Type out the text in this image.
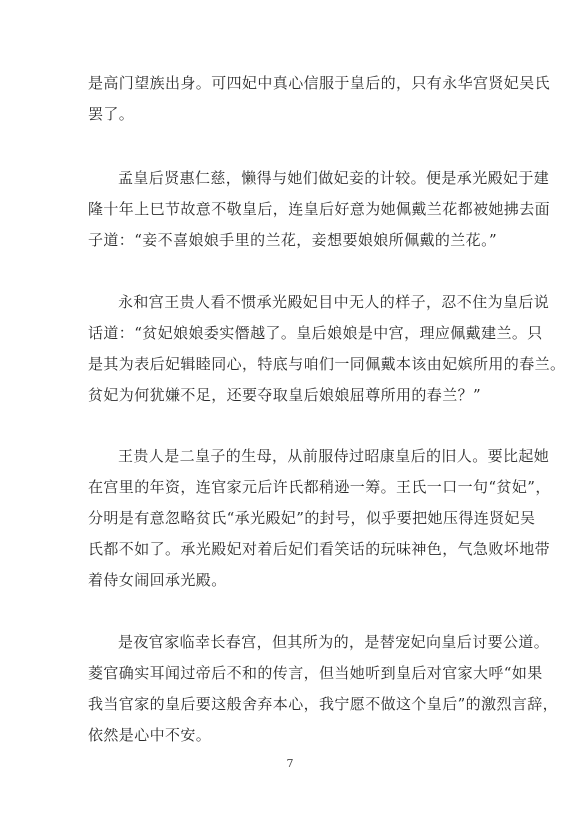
是高门望族出身。可四妃中真心信服于皇后的，只有永华宫贤妃吴氏
罢了。
孟皇后贤惠仁慈，懒得与她们做妃妾的计较。便是承光殿妃于建
隆十年上巳节故意不敬皇后，连皇后好意为她佩戴兰花都被她拂去面
子道：“妾不喜娘娘手里的兰花，妾想要娘娘所佩戴的兰花。”
永和宫王贵人看不惯承光殿妃目中无人的样子，忍不住为皇后说
话道：“贫妃娘娘委实僭越了。皇后娘娘是中宫，理应佩戴建兰。只
是其为表后妃辑睦同心，特底与咱们一同佩戴本该由妃嫔所用的春兰。
贫妃为何犹嫌不足，还要夺取皇后娘娘屈尊所用的春兰？”
王贵人是二皇子的生母，从前服侍过昭康皇后的旧人。要比起她
在宫里的年资，连官家元后许氏都稍逊一筹。王氏一口一句“贫妃”，
分明是有意忽略贫氏“承光殿妃”的封号，似乎要把她压得连贤妃吴
氏都不如了。承光殿妃对着后妃们看笑话的玩味神色，气急败坏地带
着侍女闹回承光殿。
是夜官家临幸长春宫，但其所为的，是替宠妃向皇后讨要公道。
菱官确实耳闻过帝后不和的传言，但当她听到皇后对官家大呼“如果
我当官家的皇后要这般舍弃本心，我宁愿不做这个皇后”的激烈言辞，
依然是心中不安。
7
